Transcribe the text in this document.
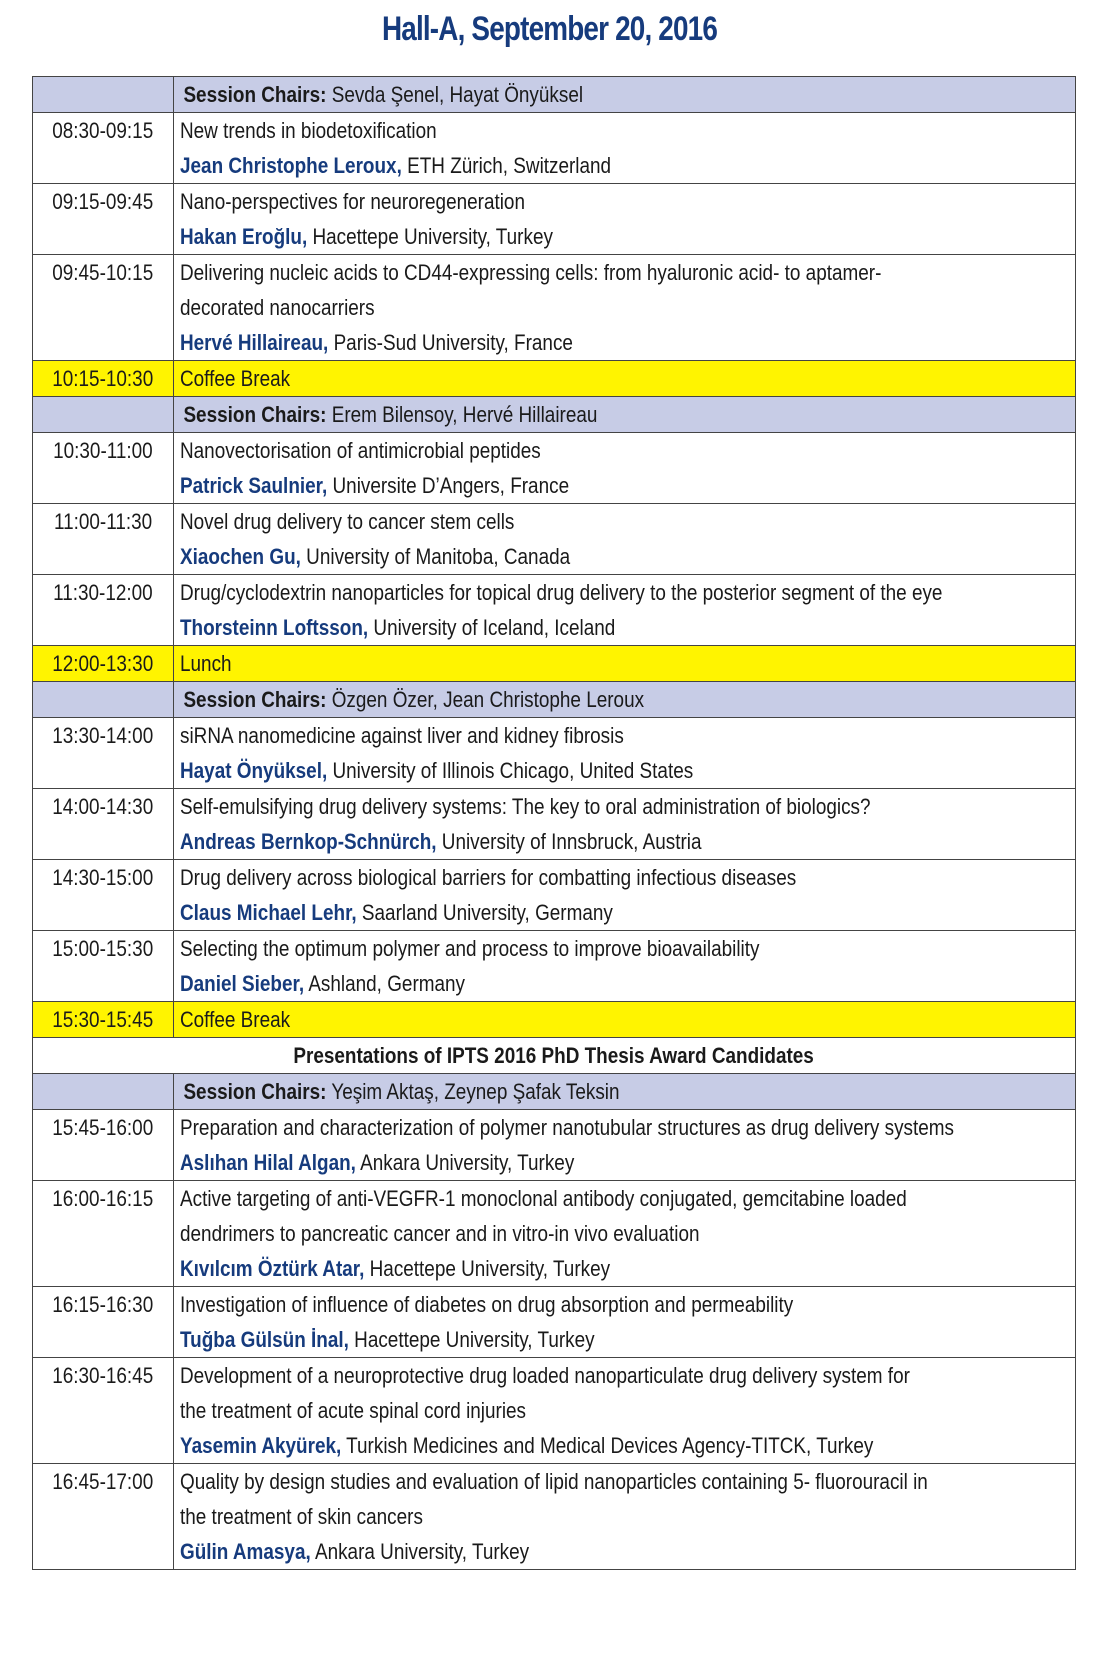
Hall-A, September 20, 2016
	Session Chairs: Sevda Şenel, Hayat Önyüksel
08:30-09:15	New trends in biodetoxification
Jean Christophe Leroux, ETH Zürich, Switzerland

09:15-09:45	Nano-perspectives for neuroregeneration
Hakan Eroğlu, Hacettepe University, Turkey

09:45-10:15	Delivering nucleic acids to CD44-expressing cells: from hyaluronic acid- to aptamer-
decorated nanocarriers
Hervé Hillaireau, Paris-Sud University, France

10:15-10:30	Coffee Break
	Session Chairs: Erem Bilensoy, Hervé Hillaireau
10:30-11:00	Nanovectorisation of antimicrobial peptides
Patrick Saulnier, Universite D’Angers, France

11:00-11:30	Novel drug delivery to cancer stem cells
Xiaochen Gu, University of Manitoba, Canada

11:30-12:00	Drug/cyclodextrin nanoparticles for topical drug delivery to the posterior segment of the eye
Thorsteinn Loftsson, University of Iceland, Iceland

12:00-13:30	Lunch
	Session Chairs: Özgen Özer, Jean Christophe Leroux
13:30-14:00	siRNA nanomedicine against liver and kidney fibrosis
Hayat Önyüksel, University of Illinois Chicago, United States

14:00-14:30	Self-emulsifying drug delivery systems: The key to oral administration of biologics?
Andreas Bernkop-Schnürch, University of Innsbruck, Austria

14:30-15:00	Drug delivery across biological barriers for combatting infectious diseases
Claus Michael Lehr, Saarland University, Germany

15:00-15:30	Selecting the optimum polymer and process to improve bioavailability
Daniel Sieber, Ashland, Germany

15:30-15:45	Coffee Break
Presentations of IPTS 2016 PhD Thesis Award Candidates	
	Session Chairs: Yeşim Aktaş, Zeynep Şafak Teksin
15:45-16:00	Preparation and characterization of polymer nanotubular structures as drug delivery systems
Aslıhan Hilal Algan, Ankara University, Turkey

16:00-16:15	Active targeting of anti-VEGFR-1 monoclonal antibody conjugated, gemcitabine loaded
dendrimers to pancreatic cancer and in vitro-in vivo evaluation
Kıvılcım Öztürk Atar, Hacettepe University, Turkey

16:15-16:30	Investigation of influence of diabetes on drug absorption and permeability
Tuğba Gülsün İnal, Hacettepe University, Turkey

16:30-16:45	Development of a neuroprotective drug loaded nanoparticulate drug delivery system for
the treatment of acute spinal cord injuries
Yasemin Akyürek, Turkish Medicines and Medical Devices Agency-TITCK, Turkey

16:45-17:00	Quality by design studies and evaluation of lipid nanoparticles containing 5- fluorouracil in
the treatment of skin cancers
Gülin Amasya, Ankara University, Turkey
